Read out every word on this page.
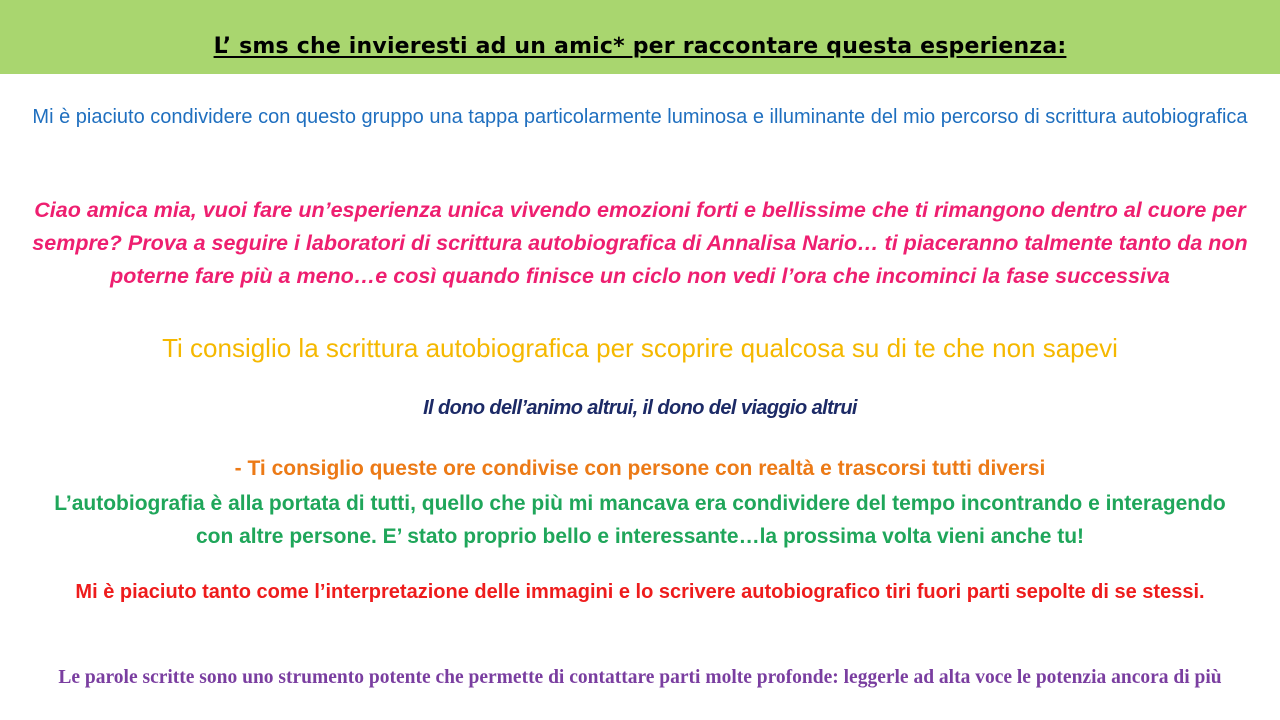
L’ sms che invieresti ad un amic* per raccontare questa esperienza:
Mi è piaciuto condividere con questo gruppo una tappa particolarmente luminosa e illuminante del mio percorso di scrittura autobiografica
Ciao amica mia, vuoi fare un’esperienza unica vivendo emozioni forti e bellissime che ti rimangono dentro al cuore per sempre? Prova a seguire i laboratori di scrittura autobiografica di Annalisa Nario… ti piaceranno talmente tanto da non poterne fare più a meno…e così quando finisce un ciclo non vedi l’ora che incominci la fase successiva
Ti consiglio la scrittura autobiografica per scoprire qualcosa su di te che non sapevi
Il dono dell’animo altrui, il dono del viaggio altrui
- Ti consiglio queste ore condivise con persone con realtà e trascorsi tutti diversi
L’autobiografia è alla portata di tutti, quello che più mi mancava era condividere del tempo incontrando e interagendo con altre persone. E’ stato proprio bello e interessante…la prossima volta vieni anche tu!
Mi è piaciuto tanto come l’interpretazione delle immagini e lo scrivere autobiografico tiri fuori parti sepolte di se stessi.
Le parole scritte sono uno strumento potente che permette di contattare parti molte profonde: leggerle ad alta voce le potenzia ancora di più
